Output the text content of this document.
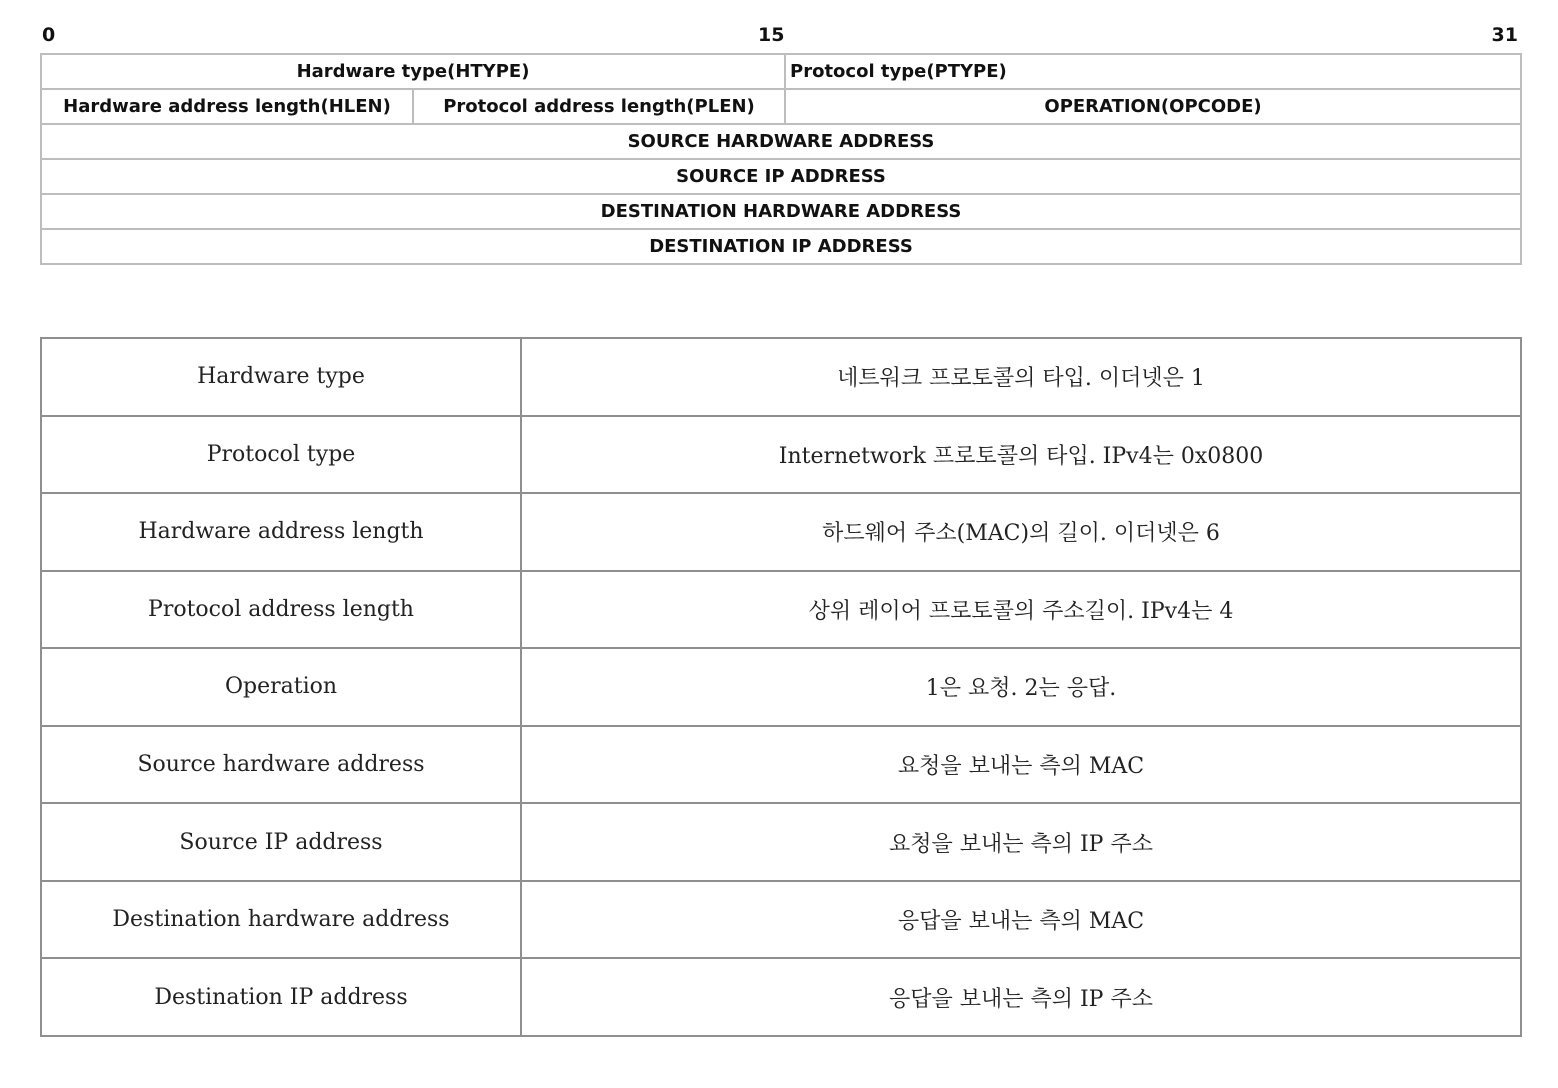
0	15	31
Hardware type(HTYPE)		Protocol type(PTYPE)
Hardware address length(HLEN)	Protocol address length(PLEN)	OPERATION(OPCODE)
SOURCE HARDWARE ADDRESS		
SOURCE IP ADDRESS		
DESTINATION HARDWARE ADDRESS		
DESTINATION IP ADDRESS		
Hardware type	네트워크 프로토콜의 타입. 이더넷은 1
Protocol type	Internetwork 프로토콜의 타입. IPv4는 0x0800
Hardware address length	하드웨어 주소(MAC)의 길이. 이더넷은 6
Protocol address length	상위 레이어 프로토콜의 주소길이. IPv4는 4
Operation	1은 요청. 2는 응답.
Source hardware address	요청을 보내는 측의 MAC
Source IP address	요청을 보내는 측의 IP 주소
Destination hardware address	응답을 보내는 측의 MAC
Destination IP address	응답을 보내는 측의 IP 주소
